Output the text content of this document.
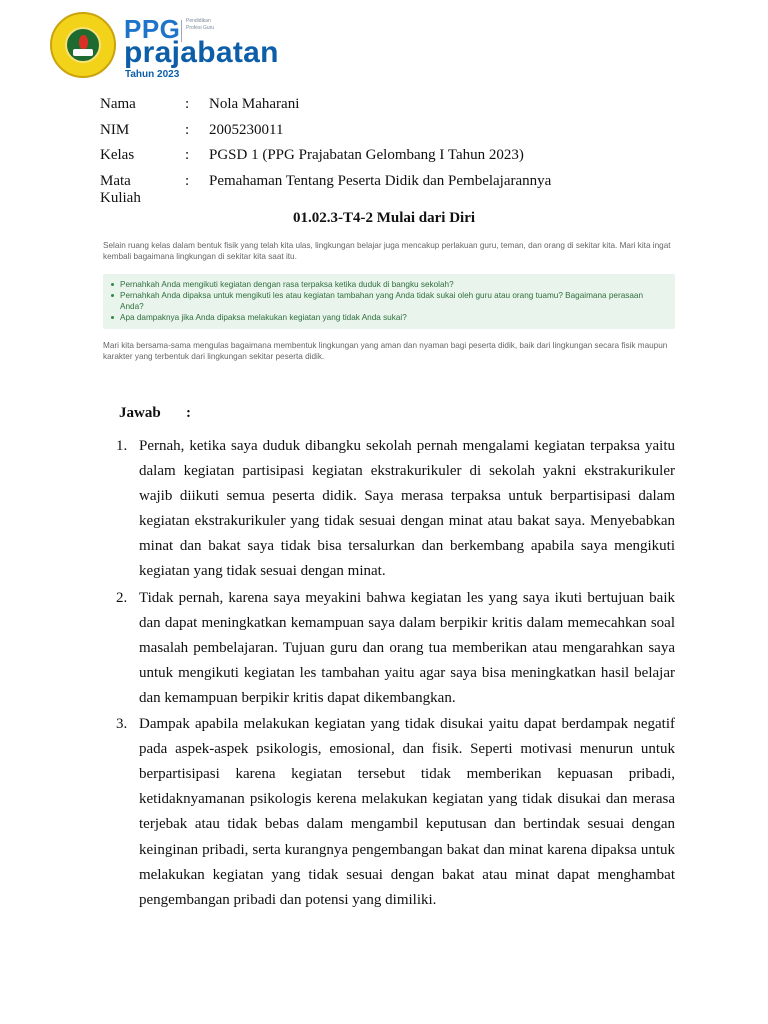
PPG Pendidikan Profesi Guru
prajabatan
Tahun 2023
Nama	: Nola Maharani
NIM	: 2005230011
Kelas	: PGSD 1 (PPG Prajabatan Gelombang I Tahun 2023)
Mata Kuliah
: Pemahaman Tentang Peserta Didik dan Pembelajarannya
01.02.3-T4-2 Mulai dari Diri

Selain ruang kelas dalam bentuk fisik yang telah kita ulas, lingkungan belajar juga mencakup perlakuan guru, teman, dan orang di sekitar kita. Mari kita ingat kembali bagaimana lingkungan di sekitar kita saat itu.

Pernahkah Anda mengikuti kegiatan dengan rasa terpaksa ketika duduk di bangku sekolah?
Pernahkah Anda dipaksa untuk mengikuti les atau kegiatan tambahan yang Anda tidak sukai oleh guru atau orang tuamu? Bagaimana perasaan Anda?
Apa dampaknya jika Anda dipaksa melakukan kegiatan yang tidak Anda sukai?

Mari kita bersama-sama mengulas bagaimana membentuk lingkungan yang aman dan nyaman bagi peserta didik, baik dari lingkungan secara fisik maupun karakter yang terbentuk dari lingkungan sekitar peserta didik.

Jawab :
1. Pernah, ketika saya duduk dibangku sekolah pernah mengalami kegiatan terpaksa yaitu dalam kegiatan partisipasi kegiatan ekstrakurikuler di sekolah yakni ekstrakurikuler wajib diikuti semua peserta didik. Saya merasa terpaksa untuk berpartisipasi dalam kegiatan ekstrakurikuler yang tidak sesuai dengan minat atau bakat saya. Menyebabkan minat dan bakat saya tidak bisa tersalurkan dan berkembang apabila saya mengikuti kegiatan yang tidak sesuai dengan minat.
2. Tidak pernah, karena saya meyakini bahwa kegiatan les yang saya ikuti bertujuan baik dan dapat meningkatkan kemampuan saya dalam berpikir kritis dalam memecahkan soal masalah pembelajaran. Tujuan guru dan orang tua memberikan atau mengarahkan saya untuk mengikuti kegiatan les tambahan yaitu agar saya bisa meningkatkan hasil belajar dan kemampuan berpikir kritis dapat dikembangkan.
3. Dampak apabila melakukan kegiatan yang tidak disukai yaitu dapat berdampak negatif pada aspek-aspek psikologis, emosional, dan fisik. Seperti motivasi menurun untuk berpartisipasi karena kegiatan tersebut tidak memberikan kepuasan pribadi, ketidaknyamanan psikologis kerena melakukan kegiatan yang tidak disukai dan merasa terjebak atau tidak bebas dalam mengambil keputusan dan bertindak sesuai dengan keinginan pribadi, serta kurangnya pengembangan bakat dan minat karena dipaksa untuk melakukan kegiatan yang tidak sesuai dengan bakat atau minat dapat menghambat pengembangan pribadi dan potensi yang dimiliki.
